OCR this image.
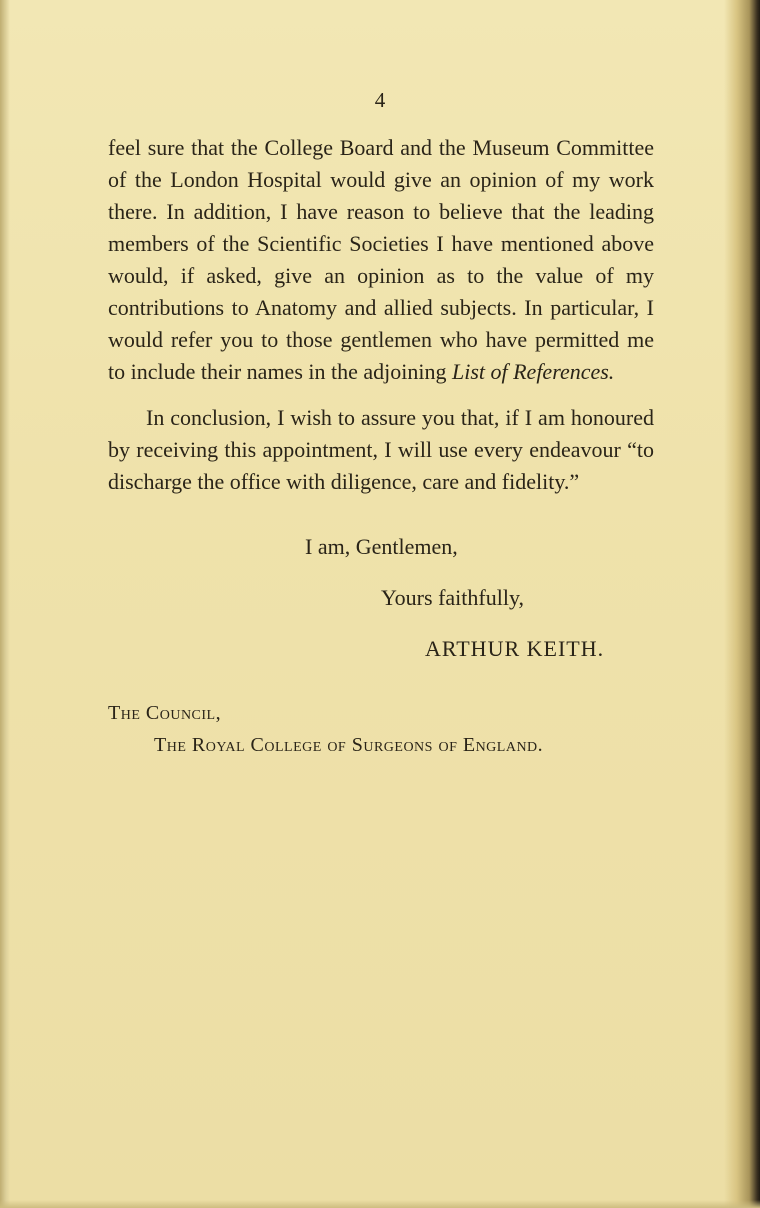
4

feel sure that the College Board and the Museum Committee of the London Hospital would give an opinion of my work there. In addition, I have reason to believe that the leading members of the Scientific Societies I have mentioned above would, if asked, give an opinion as to the value of my contributions to Anatomy and allied subjects. In particular, I would refer you to those gentlemen who have permitted me to include their names in the adjoining List of References.

In conclusion, I wish to assure you that, if I am honoured by receiving this appointment, I will use every endeavour “to discharge the office with diligence, care and fidelity.”

I am, Gentlemen,
Yours faithfully,
ARTHUR KEITH.
The Council,
The Royal College of Surgeons of England.
